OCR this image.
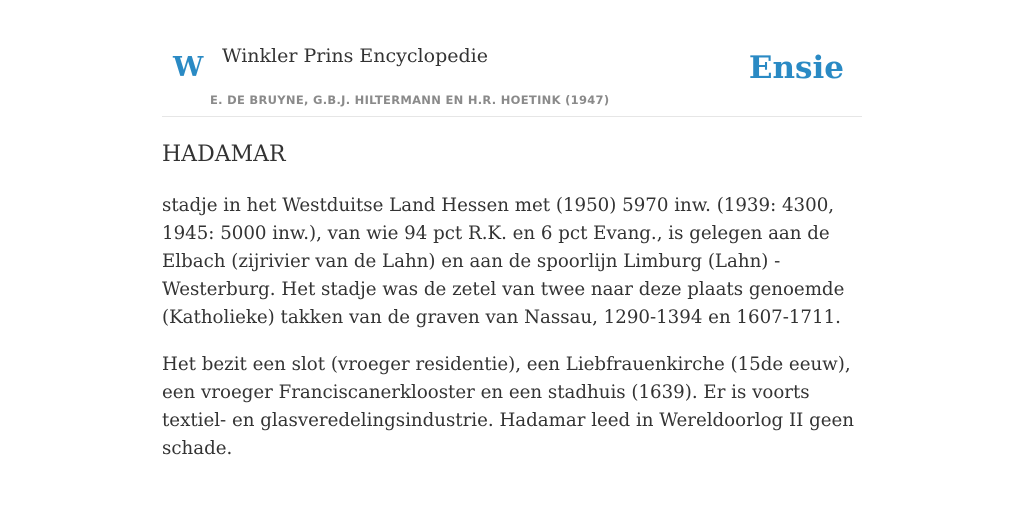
W Winkler Prins Encyclopedie
E. DE BRUYNE, G.B.J. HILTERMANN EN H.R. HOETINK (1947)
Ensie
HADAMAR

stadje in het Westduitse Land Hessen met (1950) 5970 inw. (1939: 4300, 1945: 5000 inw.), van wie 94 pct R.K. en 6 pct Evang., is gelegen aan de Elbach (zijrivier van de Lahn) en aan de spoorlijn Limburg (Lahn) - Westerburg. Het stadje was de zetel van twee naar deze plaats genoemde (Katholieke) takken van de graven van Nassau, 1290-1394 en 1607-1711.

Het bezit een slot (vroeger residentie), een Liebfrauenkirche (15de eeuw), een vroeger Franciscanerklooster en een stadhuis (1639). Er is voorts textiel- en glasveredelingsindustrie. Hadamar leed in Wereldoorlog II geen schade.
